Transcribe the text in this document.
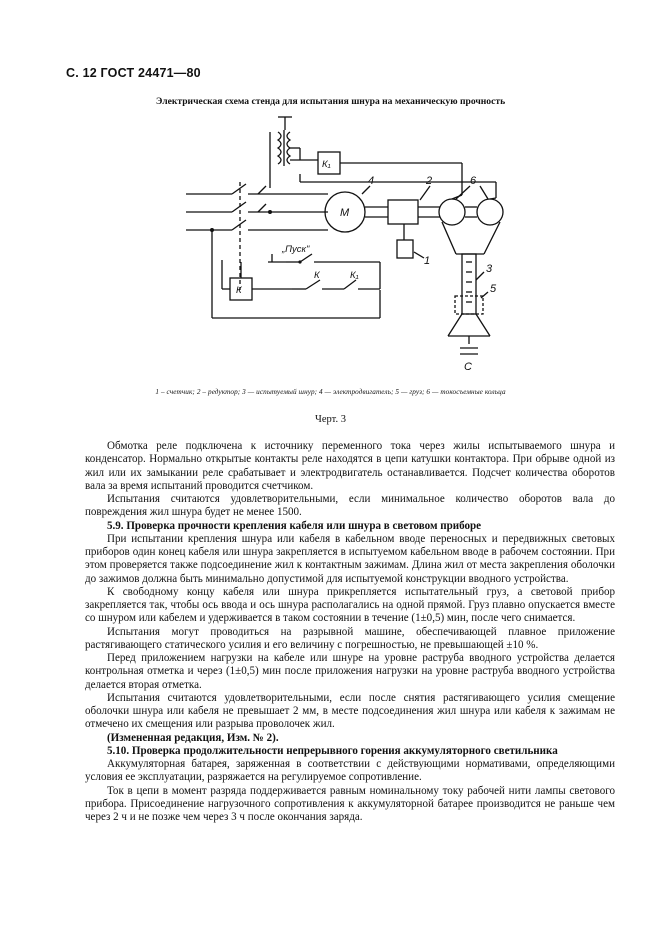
С. 12 ГОСТ 24471—80
Электрическая схема стенда для испытания шнура на механическую прочность
К₁
4	2	6
М
1
3
5
„Пуск"
К	К₁
К
С
1 – счетчик; 2 – редуктор; 3 — испытуемый шнур; 4 — электродвигатель; 5 — груз; 6 — токосъемные кольца
Черт. 3

Обмотка реле подключена к источнику переменного тока через жилы испытываемого шнура и конденсатор. Нормально открытые контакты реле находятся в цепи катушки контактора. При обрыве одной из жил или их замыкании реле срабатывает и электродвигатель останавливается. Подсчет количества оборотов вала за время испытаний проводится счетчиком.

Испытания считаются удовлетворительными, если минимальное количество оборотов вала до повреждения жил шнура будет не менее 1500.

5.9. Проверка прочности крепления кабеля или шнура в световом приборе

При испытании крепления шнура или кабеля в кабельном вводе переносных и передвижных световых приборов один конец кабеля или шнура закрепляется в испытуемом кабельном вводе в рабочем состоянии. При этом проверяется также подсоединение жил к контактным зажимам. Длина жил от места закрепления оболочки до зажимов должна быть минимально допустимой для испытуемой конструкции вводного устройства.

К свободному концу кабеля или шнура прикрепляется испытательный груз, а световой прибор закрепляется так, чтобы ось ввода и ось шнура располагались на одной прямой. Груз плавно опускается вместе со шнуром или кабелем и удерживается в таком состоянии в течение (1±0,5) мин, после чего снимается.

Испытания могут проводиться на разрывной машине, обеспечивающей плавное приложение растягивающего статического усилия и его величину с погрешностью, не превышающей ±10 %.

Перед приложением нагрузки на кабеле или шнуре на уровне раструба вводного устройства делается контрольная отметка и через (1±0,5) мин после приложения нагрузки на уровне раструба вводного устройства делается вторая отметка.

Испытания считаются удовлетворительными, если после снятия растягивающего усилия смещение оболочки шнура или кабеля не превышает 2 мм, в месте подсоединения жил шнура или кабеля к зажимам не отмечено их смещения или разрыва проволочек жил.

(Измененная редакция, Изм. № 2).

5.10. Проверка продолжительности непрерывного горения аккумуляторного светильника

Аккумуляторная батарея, заряженная в соответствии с действующими нормативами, определяющими условия ее эксплуатации, разряжается на регулируемое сопротивление.

Ток в цепи в момент разряда поддерживается равным номинальному току рабочей нити лампы светового прибора. Присоединение нагрузочного сопротивления к аккумуляторной батарее производится не раньше чем через 2 ч и не позже чем через 3 ч после окончания заряда.
